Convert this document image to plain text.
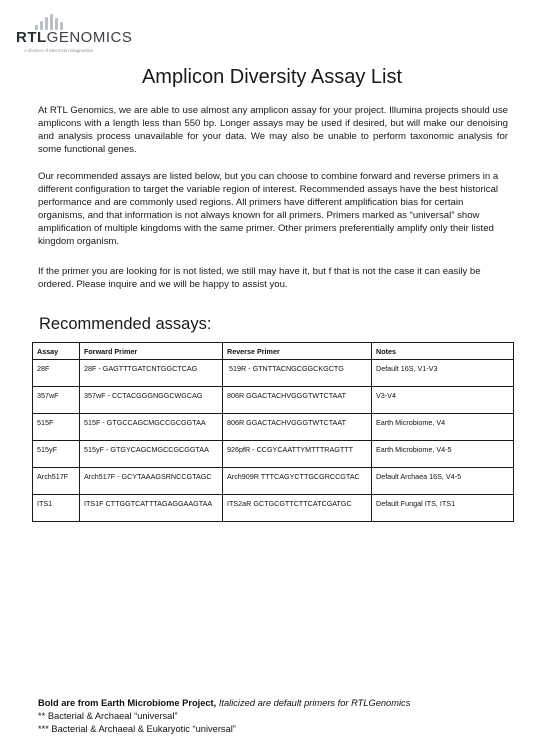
RTLGENOMICS
A division of MicroGen Diagnostics
Amplicon Diversity Assay List

At RTL Genomics, we are able to use almost any amplicon assay for your project. Illumina projects should use amplicons with a length less than 550 bp. Longer assays may be used if desired, but will make our denoising and analysis process unavailable for your data. We may also be unable to perform taxonomic analysis for some functional genes.

Our recommended assays are listed below, but you can choose to combine forward and reverse primers in a different configuration to target the variable region of interest. Recommended assays have the best historical performance and are commonly used regions. All primers have different amplification bias for certain organisms, and that information is not always known for all primers. Primers marked as “universal” show amplification of multiple kingdoms with the same primer. Other primers preferentially amplify only their listed kingdom organism.

If the primer you are looking for is not listed, we still may have it, but f that is not the case it can easily be ordered. Please inquire and we will be happy to assist you.

Recommended assays:
Assay	Forward Primer	Reverse Primer	Notes
28F	28F - GAGTTTGATCNTGGCTCAG	519R - GTNTTACNGCGGCKGCTG	Default 16S, V1-V3
357wF	357wF - CCTACGGGNGGCWGCAG	806R GGACTACHVGGGTWTCTAAT	V3-V4
515F	515F - GTGCCAGCMGCCGCGGTAA	806R GGACTACHVGGGTWTCTAAT	Earth Microbiome, V4
515yF	515yF - GTGYCAGCMGCCGCGGTAA	926pfR - CCGYCAATTYMTTTRAGTTT	Earth Microbiome, V4-5
Arch517F	Arch517F - GCYTAAAGSRNCCGTAGC	Arch909R TTTCAGYCTTGCGRCCGTAC	Default Archaea 16S, V4-5
ITS1	ITS1F CTTGGTCATTTAGAGGAAGTAA	ITS2aR GCTGCGTTCTTCATCGATGC	Default Fungal ITS, ITS1
Bold are from Earth Microbiome Project, Italicized are default primers for RTLGenomics
** Bacterial & Archaeal “universal”
*** Bacterial & Archaeal & Eukaryotic “universal”
